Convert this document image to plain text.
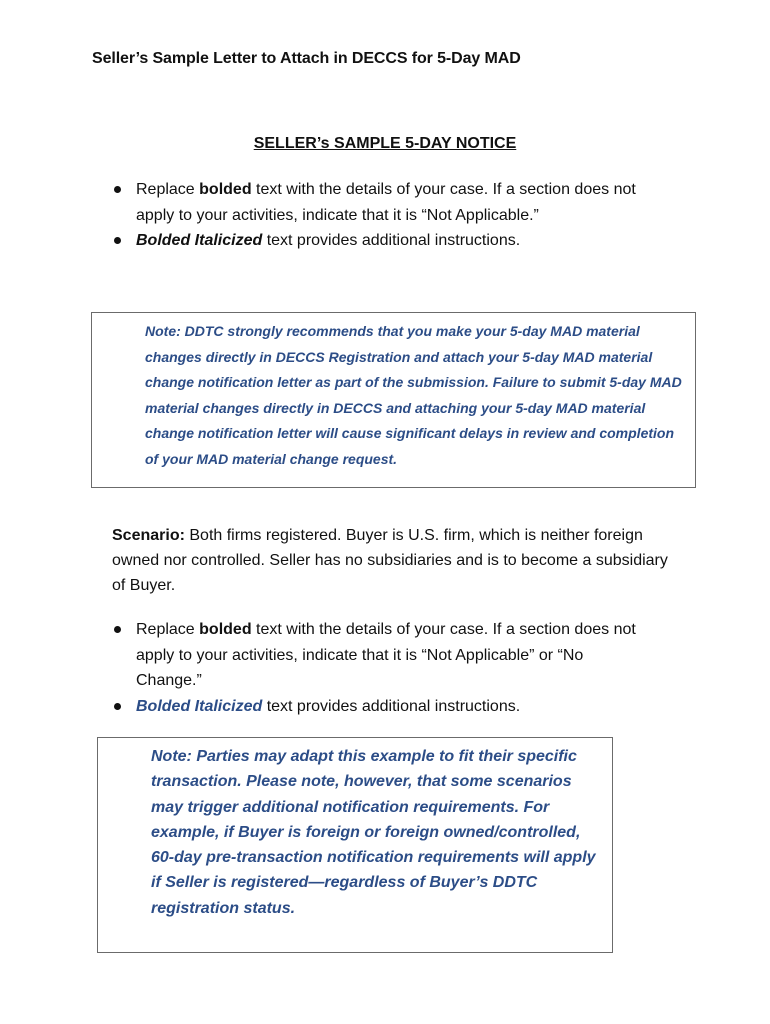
Seller’s Sample Letter to Attach in DECCS for 5-Day MAD
SELLER’s SAMPLE 5-DAY NOTICE
Replace bolded text with the details of your case. If a section does not apply to your activities, indicate that it is “Not Applicable.”
Bolded Italicized text provides additional instructions.

Note: DDTC strongly recommends that you make your 5-day MAD material changes directly in DECCS Registration and attach your 5-day MAD material change notification letter as part of the submission. Failure to submit 5-day MAD material changes directly in DECCS and attaching your 5-day MAD material change notification letter will cause significant delays in review and completion of your MAD material change request.

Scenario: Both firms registered. Buyer is U.S. firm, which is neither foreign owned nor controlled. Seller has no subsidiaries and is to become a subsidiary of Buyer.

Replace bolded text with the details of your case. If a section does not apply to your activities, indicate that it is “Not Applicable” or “No Change.”
Bolded Italicized text provides additional instructions.

Note: Parties may adapt this example to fit their specific transaction. Please note, however, that some scenarios may trigger additional notification requirements. For example, if Buyer is foreign or foreign owned/controlled, 60-day pre-transaction notification requirements will apply if Seller is registered—regardless of Buyer’s DDTC registration status.
